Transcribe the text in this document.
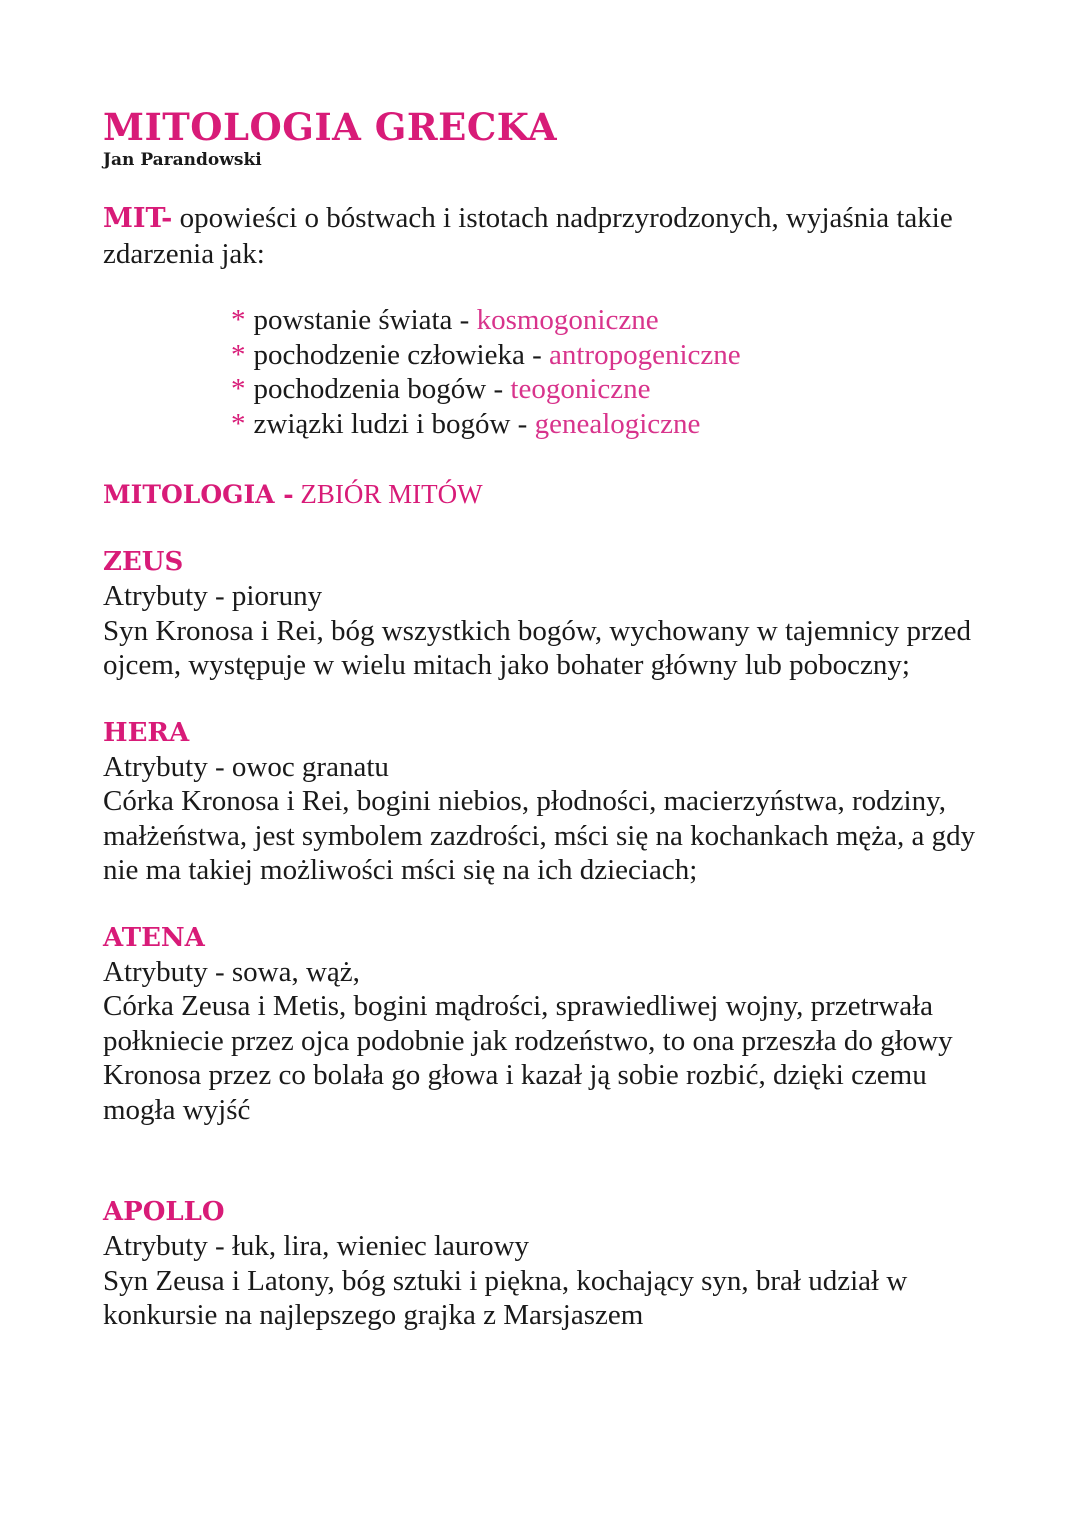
MITOLOGIA GRECKA

Jan Parandowski

MIT- opowieści o bóstwach i istotach nadprzyrodzonych, wyjaśnia takie zdarzenia jak:
* powstanie świata - kosmogoniczne
* pochodzenie człowieka - antropogeniczne
* pochodzenia bogów - teogoniczne
* związki ludzi i bogów - genealogiczne
MITOLOGIA - ZBIÓR MITÓW
ZEUS
Atrybuty - pioruny
Syn Kronosa i Rei, bóg wszystkich bogów, wychowany w tajemnicy przed ojcem, występuje w wielu mitach jako bohater główny lub poboczny;
HERA
Atrybuty - owoc granatu
Córka Kronosa i Rei, bogini niebios, płodności, macierzyństwa, rodziny, małżeństwa, jest symbolem zazdrości, mści się na kochankach męża, a gdy nie ma takiej możliwości mści się na ich dzieciach;
ATENA
Atrybuty - sowa, wąż,
Córka Zeusa i Metis, bogini mądrości, sprawiedliwej wojny, przetrwała połkniecie przez ojca podobnie jak rodzeństwo, to ona przeszła do głowy Kronosa przez co bolała go głowa i kazał ją sobie rozbić, dzięki czemu mogła wyjść
APOLLO
Atrybuty - łuk, lira, wieniec laurowy
Syn Zeusa i Latony, bóg sztuki i piękna, kochający syn, brał udział w konkursie na najlepszego grajka z Marsjaszem
